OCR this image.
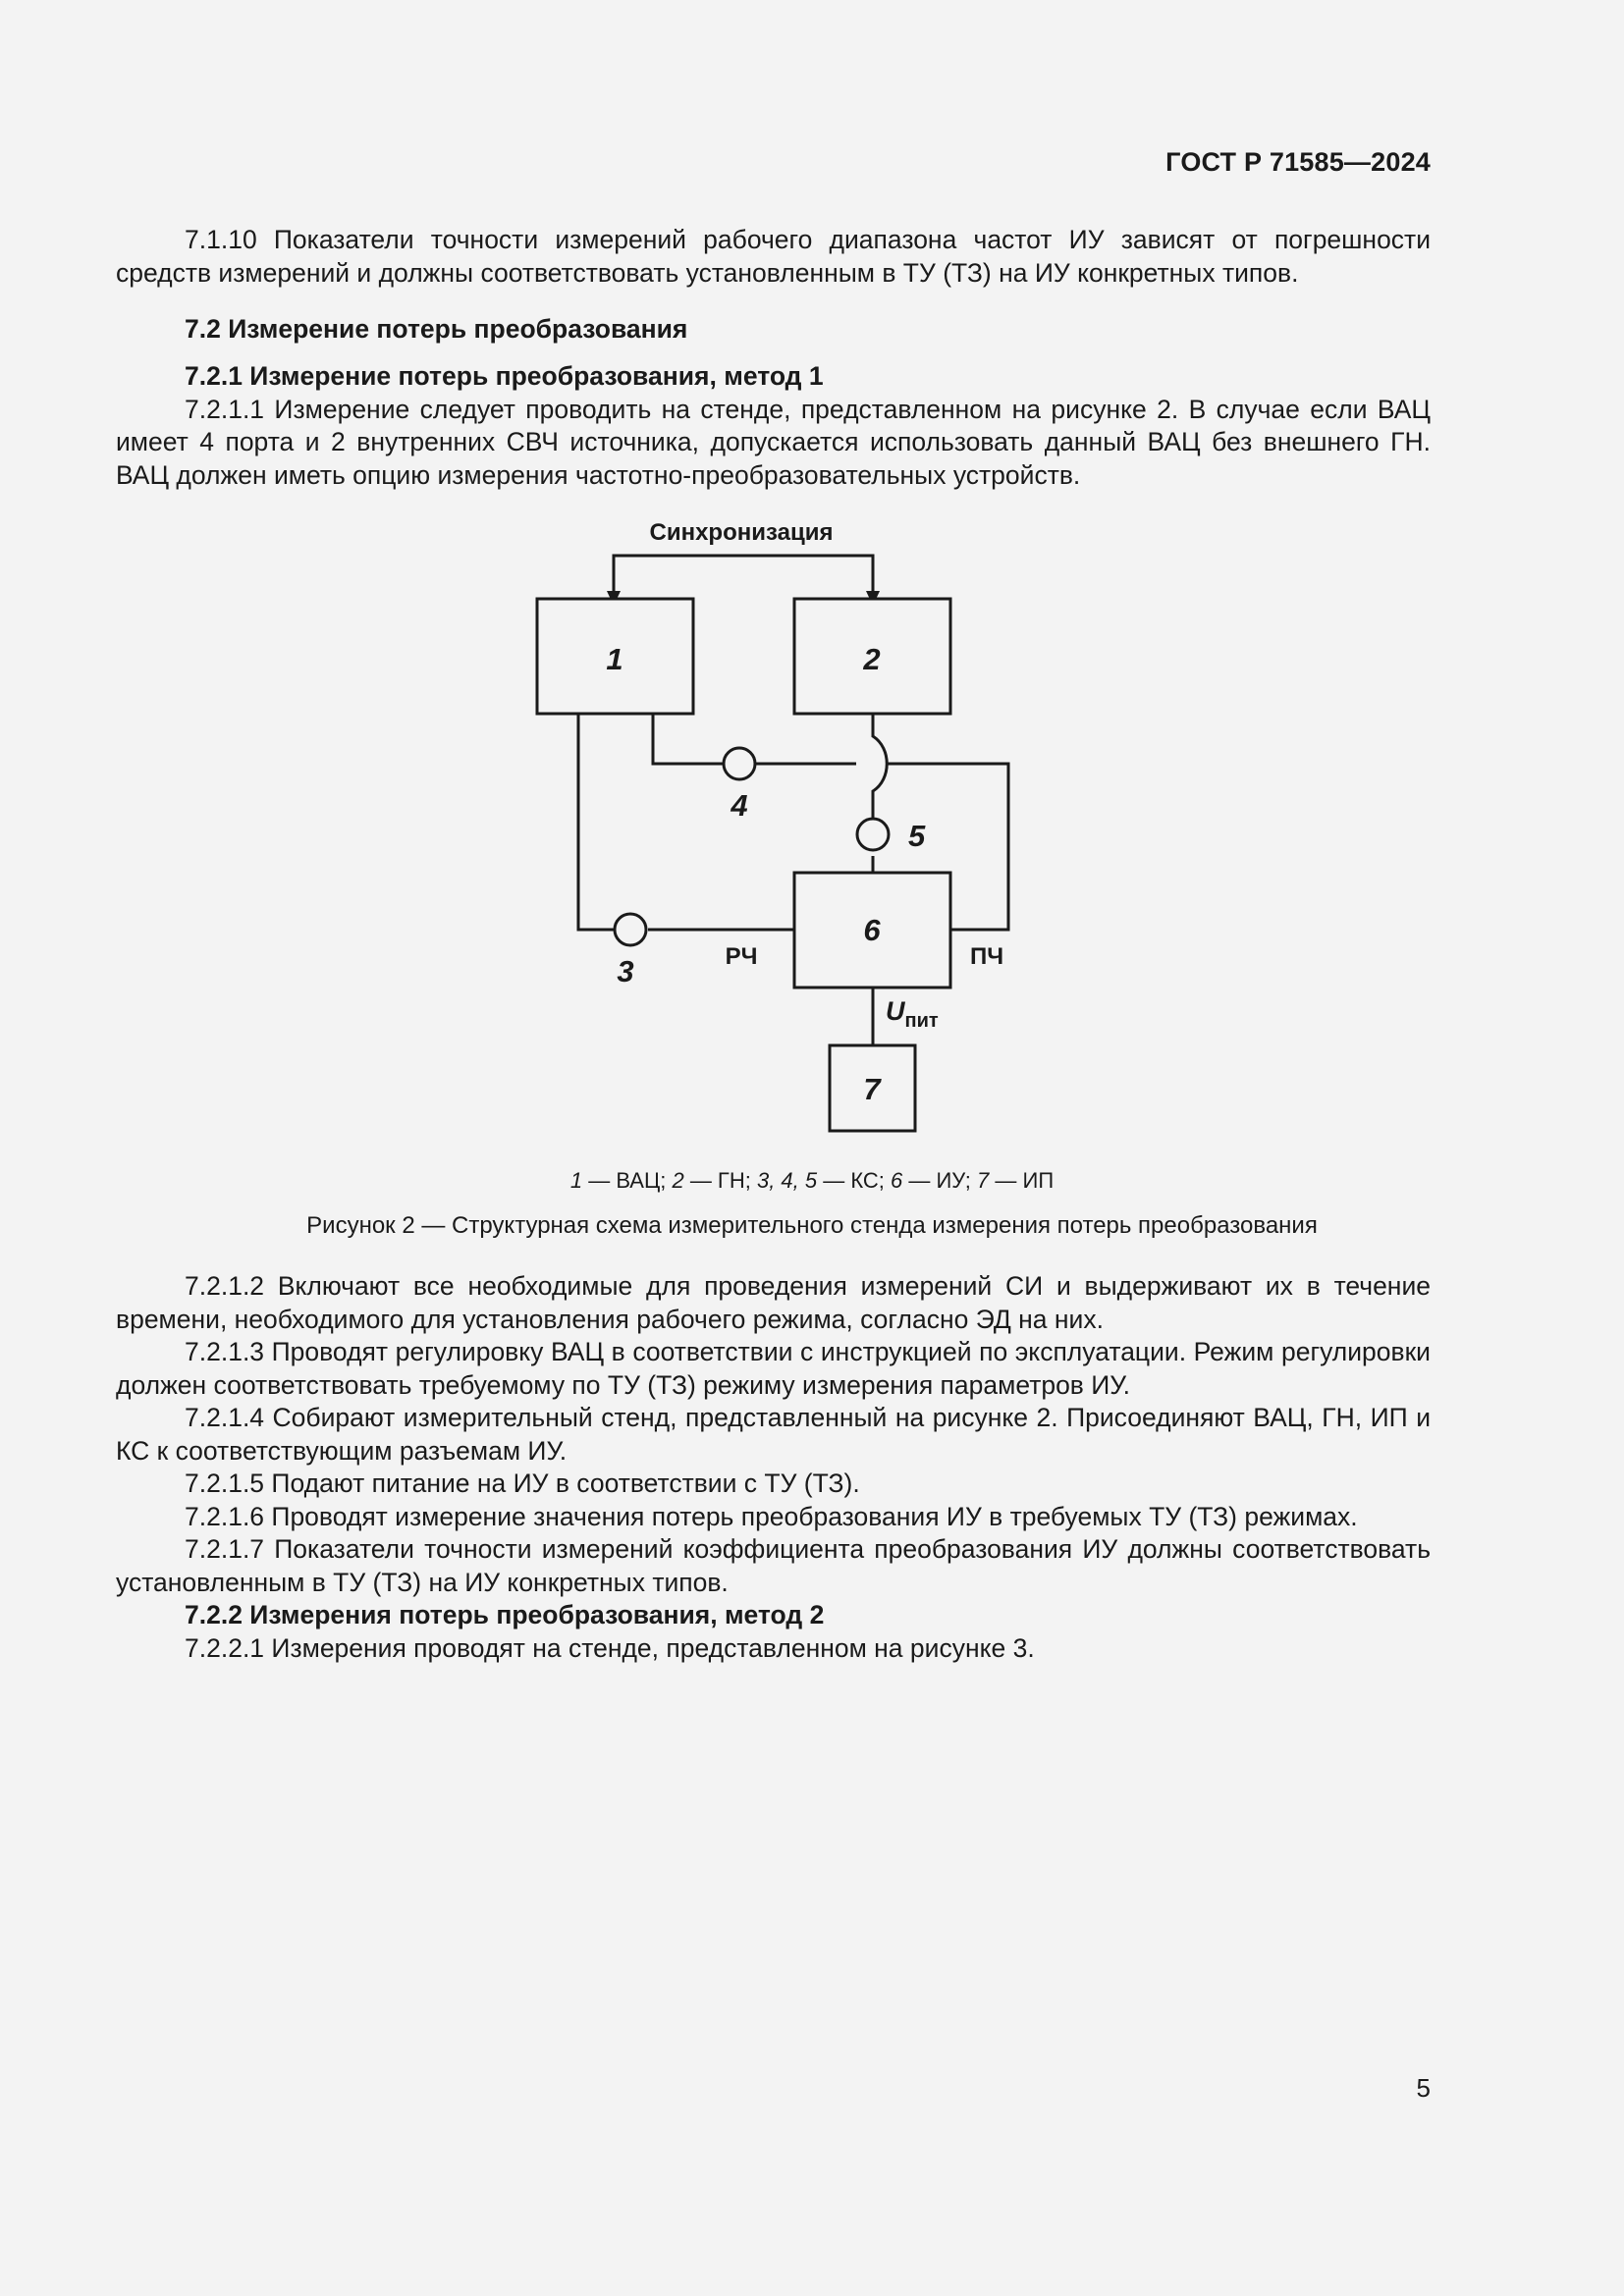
ГОСТ Р 71585—2024

7.1.10 Показатели точности измерений рабочего диапазона частот ИУ зависят от погрешности средств измерений и должны соответствовать установленным в ТУ (ТЗ) на ИУ конкретных типов.

7.2 Измерение потерь преобразования

7.2.1 Измерение потерь преобразования, метод 1

7.2.1.1 Измерение следует проводить на стенде, представленном на рисунке 2. В случае если ВАЦ имеет 4 порта и 2 внутренних СВЧ источника, допускается использовать данный ВАЦ без внешнего ГН. ВАЦ должен иметь опцию измерения частотно-преобразовательных устройств.

Синхронизация
1	2
6
7
3
4
5
РЧ	ПЧ
Uпит
1 — ВАЦ; 2 — ГН; 3, 4, 5 — КС; 6 — ИУ; 7 — ИП
Рисунок 2 — Структурная схема измерительного стенда измерения потерь преобразования

7.2.1.2 Включают все необходимые для проведения измерений СИ и выдерживают их в течение времени, необходимого для установления рабочего режима, согласно ЭД на них.

7.2.1.3 Проводят регулировку ВАЦ в соответствии с инструкцией по эксплуатации. Режим регулировки должен соответствовать требуемому по ТУ (ТЗ) режиму измерения параметров ИУ.

7.2.1.4 Собирают измерительный стенд, представленный на рисунке 2. Присоединяют ВАЦ, ГН, ИП и КС к соответствующим разъемам ИУ.

7.2.1.5 Подают питание на ИУ в соответствии с ТУ (ТЗ).

7.2.1.6 Проводят измерение значения потерь преобразования ИУ в требуемых ТУ (ТЗ) режимах.

7.2.1.7 Показатели точности измерений коэффициента преобразования ИУ должны соответствовать установленным в ТУ (ТЗ) на ИУ конкретных типов.

7.2.2 Измерения потерь преобразования, метод 2

7.2.2.1 Измерения проводят на стенде, представленном на рисунке 3.

5
